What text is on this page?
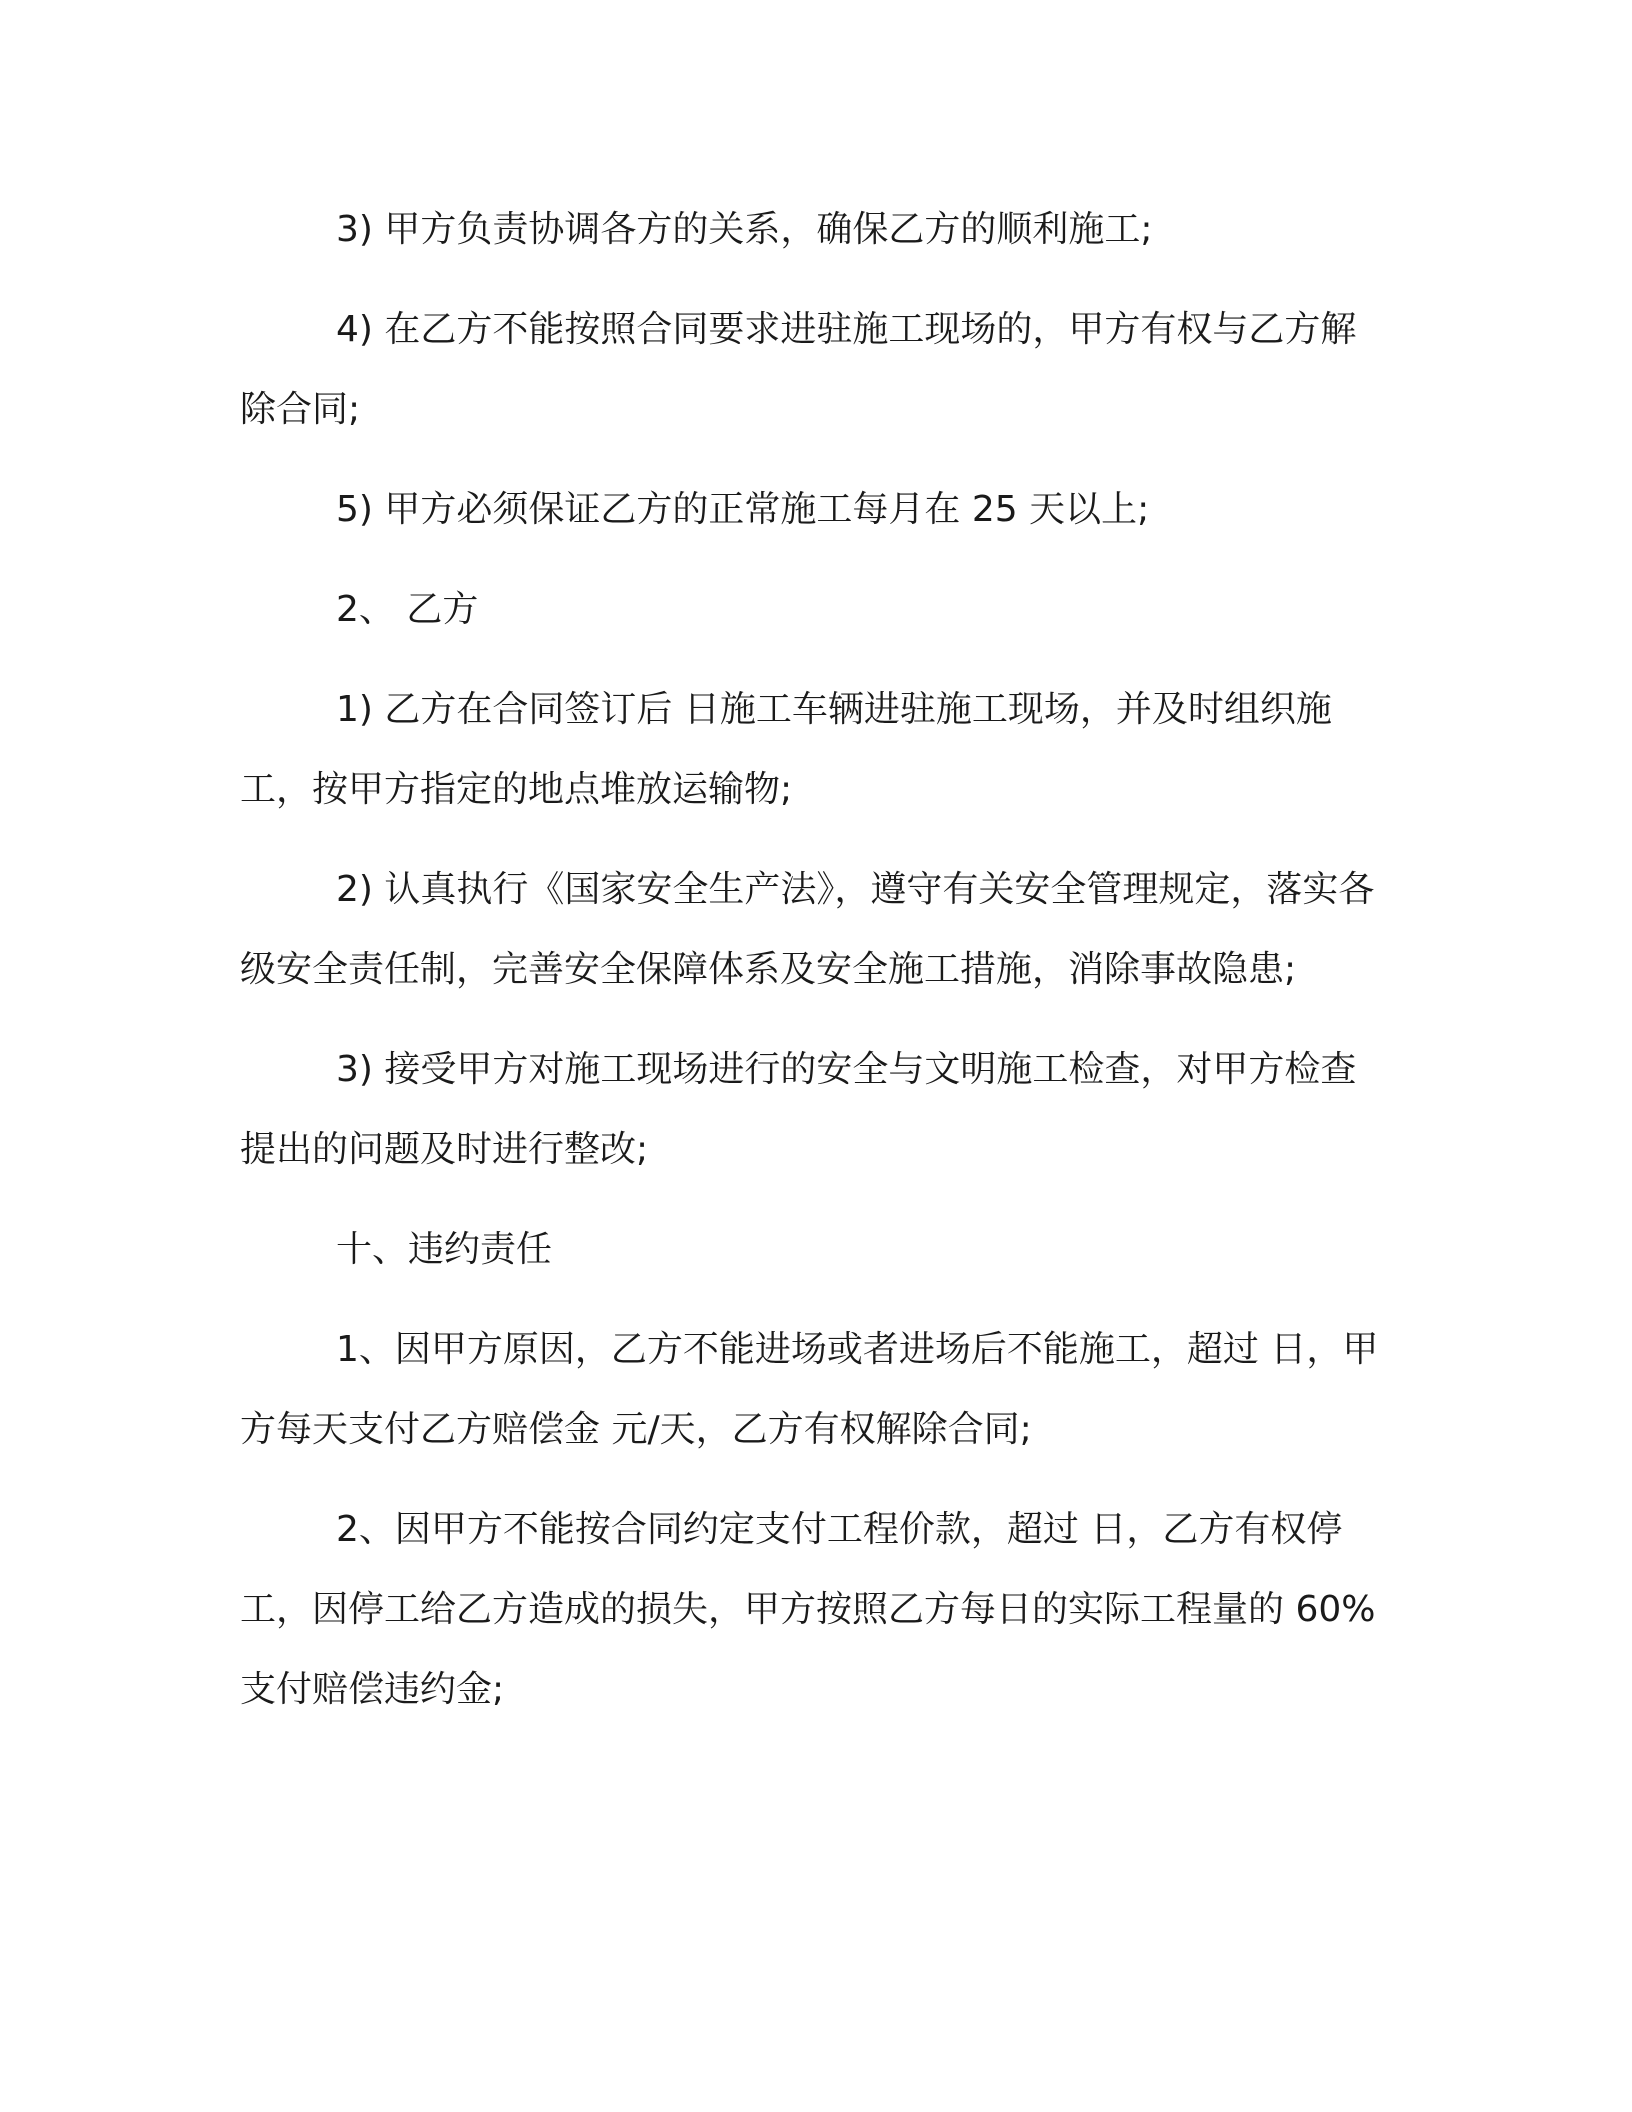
3) 甲方负责协调各方的关系，确保乙方的顺利施工;

4) 在乙方不能按照合同要求进驻施工现场的，甲方有权与乙方解除合同;

5) 甲方必须保证乙方的正常施工每月在 25 天以上;

2、 乙方

1) 乙方在合同签订后 日施工车辆进驻施工现场，并及时组织施工，按甲方指定的地点堆放运输物;

2) 认真执行《国家安全生产法》，遵守有关安全管理规定，落实各级安全责任制，完善安全保障体系及安全施工措施，消除事故隐患;

3) 接受甲方对施工现场进行的安全与文明施工检查，对甲方检查提出的问题及时进行整改;

十、违约责任

1、因甲方原因，乙方不能进场或者进场后不能施工，超过 日，甲方每天支付乙方赔偿金 元/天，乙方有权解除合同;

2、因甲方不能按合同约定支付工程价款，超过 日，乙方有权停工，因停工给乙方造成的损失，甲方按照乙方每日的实际工程量的 60%支付赔偿违约金;
